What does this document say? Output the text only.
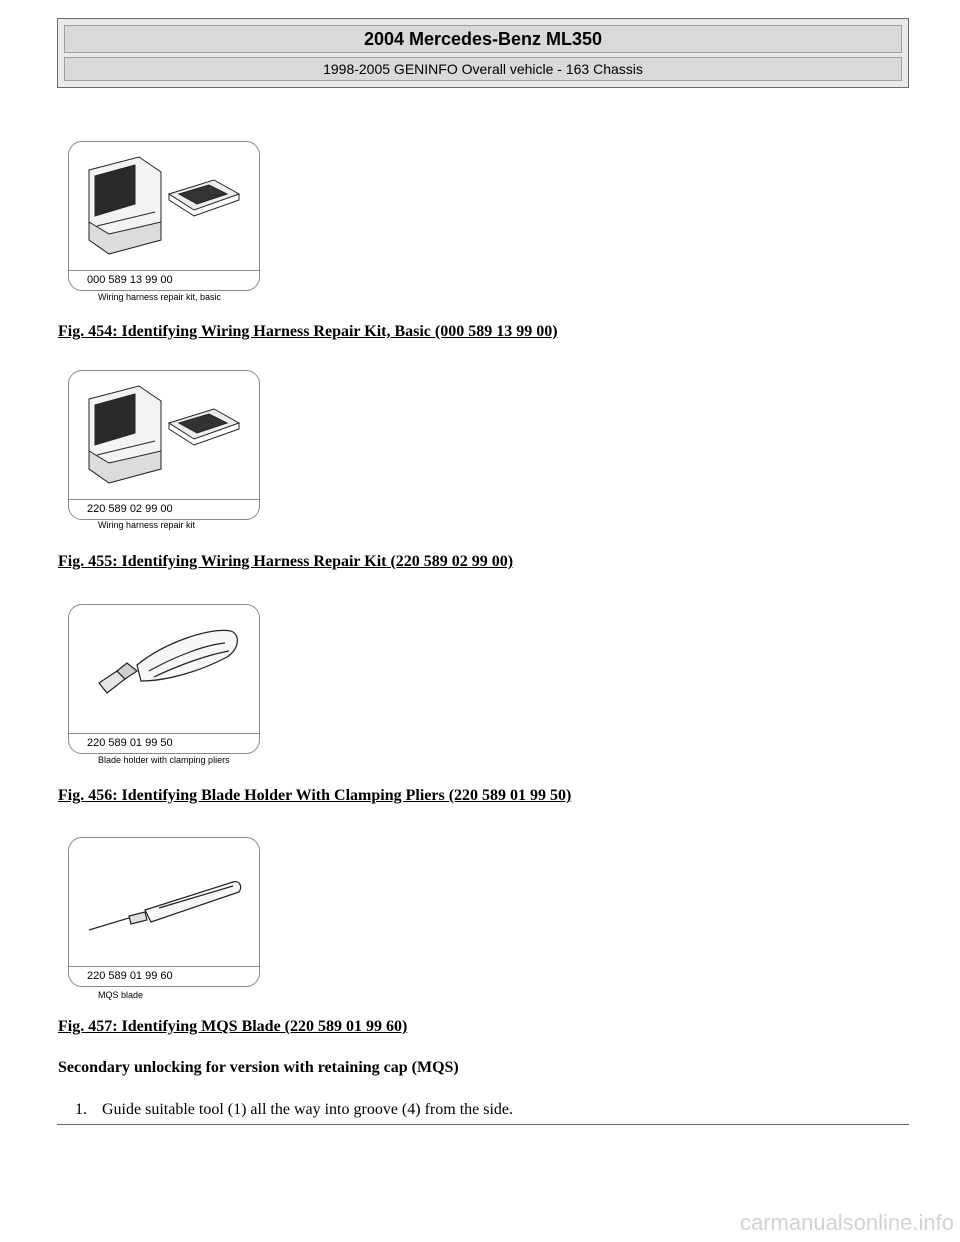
2004 Mercedes-Benz ML350
1998-2005 GENINFO Overall vehicle - 163 Chassis
000 589 13 99 00
Wiring harness repair kit, basic
Fig. 454: Identifying Wiring Harness Repair Kit, Basic (000 589 13 99 00)
220 589 02 99 00
Wiring harness repair kit
Fig. 455: Identifying Wiring Harness Repair Kit (220 589 02 99 00)
220 589 01 99 50
Blade holder with clamping pliers
Fig. 456: Identifying Blade Holder With Clamping Pliers (220 589 01 99 50)
220 589 01 99 60
MQS blade
Fig. 457: Identifying MQS Blade (220 589 01 99 60)
Secondary unlocking for version with retaining cap (MQS)
1. Guide suitable tool (1) all the way into groove (4) from the side.
carmanualsonline.info
